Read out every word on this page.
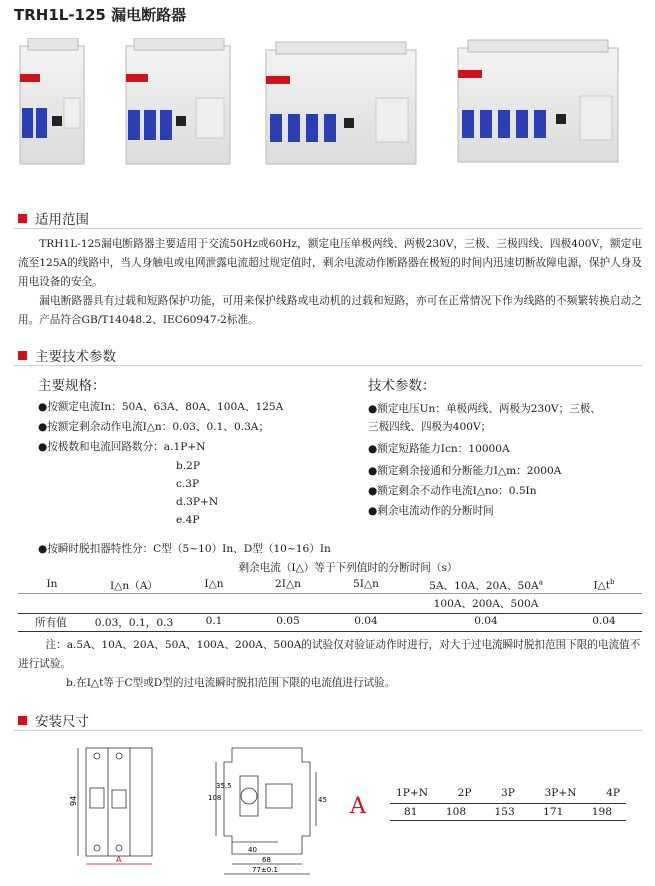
TRH1L-125 漏电断路器
适用范围

TRH1L-125漏电断路器主要适用于交流50Hz或60Hz，额定电压单极两线、两极230V，三极、三极四线、四极400V，额定电流至125A的线路中，当人身触电或电网泄露电流超过规定值时，剩余电流动作断路器在极短的时间内迅速切断故障电源，保护人身及用电设备的安全。

漏电断路器具有过载和短路保护功能，可用来保护线路或电动机的过载和短路，亦可在正常情况下作为线路的不频繁转换启动之用。产品符合GB/T14048.2、IEC60947-2标准。

主要技术参数
主要规格：
●按额定电流In：50A、63A、80A、100A、125A
●按额定剩余动作电流I△n：0.03、0.1、0.3A；
●按极数和电流回路数分：a.1P+N
b.2P
c.3P
d.3P+N
e.4P
技术参数：
●额定电压Un：单极两线、两极为230V；三极、三极四线、四极为400V；
●额定短路能力Icn：10000A
●额定剩余接通和分断能力I△m：2000A
●额定剩余不动作电流I△no：0.5In
●剩余电流动作的分断时间
●按瞬时脱扣器特性分：C型（5~10）In、D型（10~16）In
剩余电流（I△）等于下列值时的分断时间（s）
In	I△n（A）	I△n	2I△n	5I△n	5A、10A、20A、$50A^a$	$I\triangle t^b$
100A、200A、500A
所有值	0.03，0.1，0.3	0.1	0.05	0.04	0.04	0.04
注：a.5A、10A、20A、50A、100A、200A、500A的试验仅对验证动作时进行，对大于过电流瞬时脱扣范围下限的电流值不进行试验。
b.在I△t等于C型或D型的过电流瞬时脱扣范围下限的电流值进行试验。
安装尺寸
94
A
108
35.5
45
40
68
77±0.1
A
1P+N	2P	3P	3P+N	4P
81	108	153	171	198
